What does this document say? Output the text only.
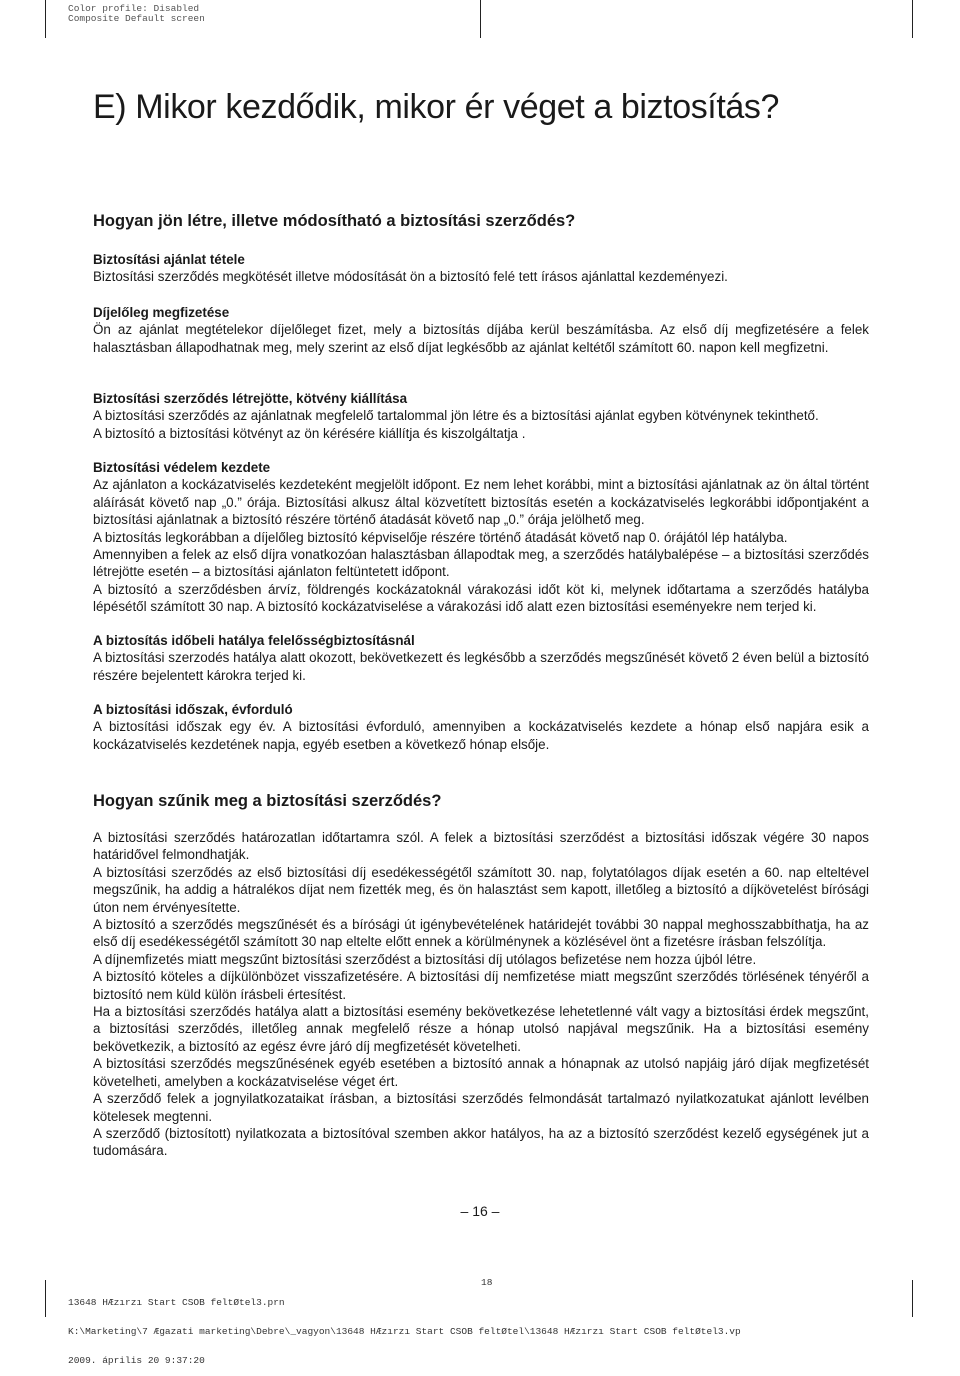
Color profile: Disabled
Composite Default screen
E) Mikor kezdődik, mikor ér véget a biztosítás?
Hogyan jön létre, illetve módosítható a biztosítási szerződés?
Biztosítási ajánlat tétele

Biztosítási szerződés megkötését illetve módosítását ön a biztosító felé tett írásos ajánlattal kezdeményezi.

Díjelőleg megfizetése

Ön az ajánlat megtételekor díjelőleget fizet, mely a biztosítás díjába kerül beszámításba. Az első díj megfizetésére a felek halasztásban állapodhatnak meg, mely szerint az első díjat legkésőbb az ajánlat keltétől számított 60. napon kell megfizetni.

Biztosítási szerződés létrejötte, kötvény kiállítása

A biztosítási szerződés az ajánlatnak megfelelő tartalommal jön létre és a biztosítási ajánlat egyben kötvénynek tekinthető.

A biztosító a biztosítási kötvényt az ön kérésére kiállítja és kiszolgáltatja .

Biztosítási védelem kezdete

Az ajánlaton a kockázatviselés kezdeteként megjelölt időpont. Ez nem lehet korábbi, mint a biztosítási ajánlatnak az ön által történt aláírását követő nap „0.” órája. Biztosítási alkusz által közvetített biztosítás esetén a kockázatviselés legkorábbi időpontjaként a biztosítási ajánlatnak a biztosító részére történő átadását követő nap „0.” órája jelölhető meg.

A biztosítás legkorábban a díjelőleg biztosító képviselője részére történő átadását követő nap 0. órájától lép hatályba.

Amennyiben a felek az első díjra vonatkozóan halasztásban állapodtak meg, a szerződés hatálybalépése – a biztosítási szerződés létrejötte esetén – a biztosítási ajánlaton feltüntetett időpont.

A biztosító a szerződésben árvíz, földrengés kockázatoknál várakozási időt köt ki, melynek időtartama a szerződés hatályba lépésétől számított 30 nap. A biztosító kockázatviselése a várakozási idő alatt ezen biztosítási eseményekre nem terjed ki.

A biztosítás időbeli hatálya felelősségbiztosításnál

A biztosítási szerzodés hatálya alatt okozott, bekövetkezett és legkésőbb a szerződés megszűnését követő 2 éven belül a biztosító részére bejelentett károkra terjed ki.

A biztosítási időszak, évforduló

A biztosítási időszak egy év. A biztosítási évforduló, amennyiben a kockázatviselés kezdete a hónap első napjára esik a kockázatviselés kezdetének napja, egyéb esetben a következő hónap elsője.

Hogyan szűnik meg a biztosítási szerződés?

A biztosítási szerződés határozatlan időtartamra szól. A felek a biztosítási szerződést a biztosítási időszak végére 30 napos határidővel felmondhatják.

A biztosítási szerződés az első biztosítási díj esedékességétől számított 30. nap, folytatólagos díjak esetén a 60. nap elteltével megszűnik, ha addig a hátralékos díjat nem fizették meg, és ön halasztást sem kapott, illetőleg a biztosító a díjkövetelést bírósági úton nem érvényesítette.

A biztosító a szerződés megszűnését és a bírósági út igénybevételének határidejét további 30 nappal meghosszabbíthatja, ha az első díj esedékességétől számított 30 nap eltelte előtt ennek a körülménynek a közlésével önt a fizetésre írásban felszólítja.

A díjnemfizetés miatt megszűnt biztosítási szerződést a biztosítási díj utólagos befizetése nem hozza újból létre.

A biztosító köteles a díjkülönbözet visszafizetésére. A biztosítási díj nemfizetése miatt megszűnt szerződés törlésének tényéről a biztosító nem küld külön írásbeli értesítést.

Ha a biztosítási szerződés hatálya alatt a biztosítási esemény bekövetkezése lehetetlenné vált vagy a biztosítási érdek megszűnt, a biztosítási szerződés, illetőleg annak megfelelő része a hónap utolsó napjával megszűnik. Ha a biztosítási esemény bekövetkezik, a biztosító az egész évre járó díj megfizetését követelheti.

A biztosítási szerződés megszűnésének egyéb esetében a biztosító annak a hónapnak az utolsó napjáig járó díjak megfizetését követelheti, amelyben a kockázatviselése véget ért.

A szerződő felek a jognyilatkozataikat írásban, a biztosítási szerződés felmondását tartalmazó nyilatkozatukat ajánlott levélben kötelesek megtenni.

A szerződő (biztosított) nyilatkozata a biztosítóval szemben akkor hatályos, ha az a biztosító szerződést kezelő egységének jut a tudomására.

– 16 –
18

13648 HÆzırzı Start CSOB feltØtel3.prn

K:\Marketing\7 Ægazati marketing\Debre\_vagyon\13648 HÆzırzı Start CSOB feltØtel\13648 HÆzırzı Start CSOB feltØtel3.vp

2009. április 20 9:37:20
